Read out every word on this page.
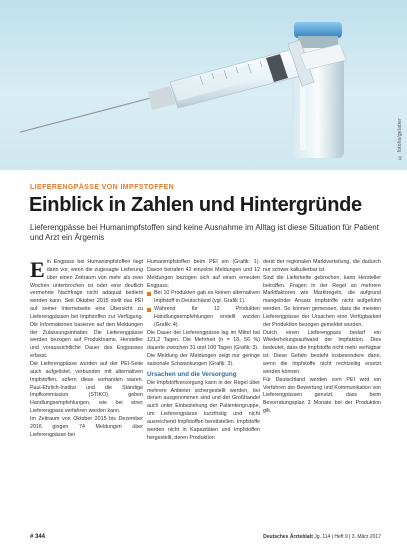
© fotolia/gelaber
LIEFERENGPÄSSE VON IMPFSTOFFEN
Einblick in Zahlen und Hintergründe
Lieferengpässe bei Humanimpfstoffen sind keine Ausnahme im Alltag ist diese Situation für Patient und Arzt ein Ärgernis

Ein Engpass bei Humanimpfstoffen liegt dann vor, wenn die zugesagte Lieferung über einen Zeitraum von mehr als zwei Wochen unterbrochen ist oder eine deutlich vermehrte Nachfrage nicht adäquat bedient werden kann. Seit Oktober 2015 stellt das PEI auf seiner Internetseite eine Übersicht zu Lieferengpässen bei Impfstoffen zur Verfügung. Die Informationen basieren auf den Meldungen der Zulassungsinhaber. Die Lieferengpässe werden bezogen auf Produktname, Hersteller und voraussichtliche Dauer des Engpasses erfasst.

Die Lieferengpässe wurden auf der PEI-Seite auch aufgelistet, verbunden mit alternativen Impfstoffen, sofern diese vorhanden waren. Paul-Ehrlich-Institut und die Ständige Impfkommission (STIKO) geben Handlungsempfehlungen, wie bei einer Lieferengpass verfahren werden kann.

Im Zeitraum von Oktober 2015 bis Dezember 2016 gingen 74 Meldungen über Lieferengpässe bei

Humanimpfstoffen beim PEI ein (Grafik: 1). Davon betrafen 42 einzelne Meldungen und 12 Meldungen bezogen sich auf einen erneuten Engpass.

Bei 10 Produkten gab es keinen alternativen Impfstoff in Deutschland (vgl. Grafik 1).
Während für 12 Produkten Handlungsempfehlungen erstellt wurden (Grafik: 4).

Die Dauer der Lieferengpässe lag im Mittel bei 121,2 Tagen. Die Mehrheit (n = 18, 56 %) dauerte zwischen 31 und 100 Tagen (Grafik: 3).

Die Meldung der Meldungen zeigt nur geringe saisonale Schwankungen (Grafik: 3).

Ursachen und die Versorgung

Die Impfstoffversorgung kann in der Regel über mehrere Anbieter sichergestellt werden, bei denen ausgenommen sind und der Großhandel auch unter Einbeziehung der Patientengruppe, um Lieferengpässe kurzfristig und nicht ausreichend Impfstoffen bereitstellen. Impfstoffe werden nicht in Kapazitäten und Impfstoffen hergestellt, deren Produktion

derst der regionalen Marktverteilung, die dadurch nur schwer kalkulierbar ist.

Sind die Lieferkette gebrochen, kann Hersteller betroffen. Fragen in der Regel an mehrere Marktfaktoren wie Marktregeln, die aufgrund mangelnder Ansatz Impfstoffe nicht aufgeführt werden. So können gemessen, dass die meisten Lieferengpässe der Ursachen eine Verfügbarkeit der Produktion bezogen gemeldet wurden.

Durch einen Lieferengpass bedarf ein Wiederholungsaufwand der Impfaktion. Dies bedeutet, dass die Impfstoffe nicht mehr verfügbar ist. Diese Gefahr besteht insbesondere dann, wenn die Impfstoffe nicht rechtzeitig ersetzt werden können.

Für Deutschland werden vom PEI wird ein Verfahren der Bewertung und Kommunikation von Lieferengpässen genutzt, dass beim Bevorratungsplan 3 Monate bei der Produktion gilt.

# 344	Deutsches Ärzteblatt Jg. 114 | Heft 9 | 3. März 2017
